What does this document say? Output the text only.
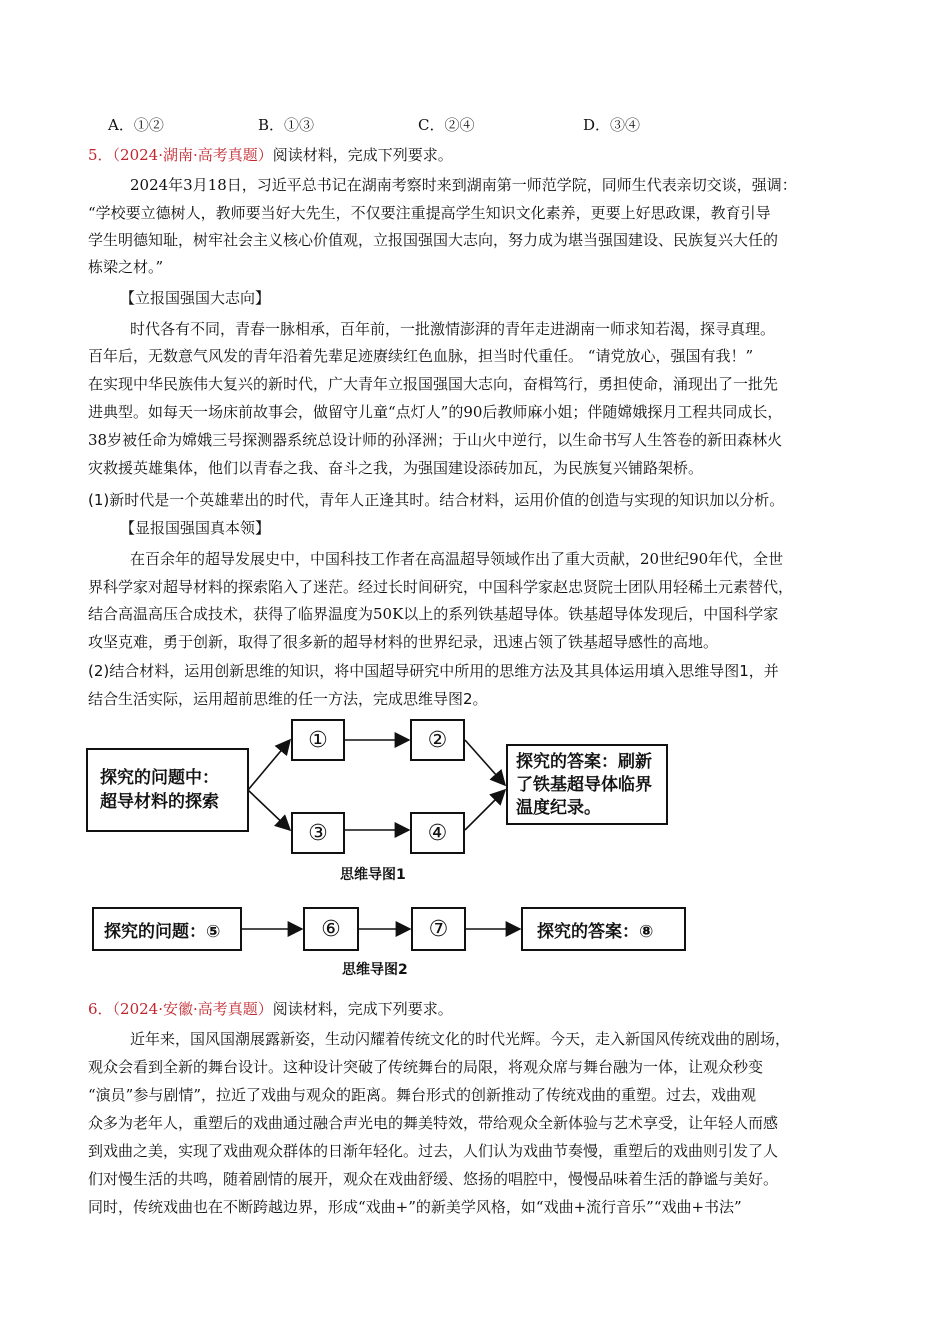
A．①②	B．①③	C．②④	D．③④
5．（2024·湖南·高考真题）阅读材料，完成下列要求。
2024年3月18日，习近平总书记在湖南考察时来到湖南第一师范学院，同师生代表亲切交谈，强调：
“学校要立德树人，教师要当好大先生，不仅要注重提高学生知识文化素养，更要上好思政课，教育引导
学生明德知耻，树牢社会主义核心价值观，立报国强国大志向，努力成为堪当强国建设、民族复兴大任的
栋梁之材。”
【立报国强国大志向】
时代各有不同，青春一脉相承，百年前，一批激情澎湃的青年走进湖南一师求知若渴，探寻真理。
百年后，无数意气风发的青年沿着先辈足迹赓续红色血脉，担当时代重任。 “请党放心，强国有我！”
在实现中华民族伟大复兴的新时代，广大青年立报国强国大志向，奋楫笃行，勇担使命，涌现出了一批先
进典型。如每天一场床前故事会，做留守儿童“点灯人”的90后教师麻小姐；伴随嫦娥探月工程共同成长，
38岁被任命为嫦娥三号探测器系统总设计师的孙泽洲；于山火中逆行，以生命书写人生答卷的新田森林火
灾救援英雄集体，他们以青春之我、奋斗之我，为强国建设添砖加瓦，为民族复兴铺路架桥。
(1)新时代是一个英雄辈出的时代，青年人正逢其时。结合材料，运用价值的创造与实现的知识加以分析。
【显报国强国真本领】
在百余年的超导发展史中，中国科技工作者在高温超导领域作出了重大贡献，20世纪90年代，全世
界科学家对超导材料的探索陷入了迷茫。经过长时间研究，中国科学家赵忠贤院士团队用轻稀土元素替代，
结合高温高压合成技术，获得了临界温度为50K以上的系列铁基超导体。铁基超导体发现后，中国科学家
攻坚克难，勇于创新，取得了很多新的超导材料的世界纪录，迅速占领了铁基超导感性的高地。
(2)结合材料，运用创新思维的知识，将中国超导研究中所用的思维方法及其具体运用填入思维导图1，并
结合生活实际，运用超前思维的任一方法，完成思维导图2。
探究的问题中：
超导材料的探索
①	②
③	④
探究的答案：刷新
了铁基超导体临界
温度纪录。
思维导图1
探究的问题：⑤	⑥	⑦	探究的答案：⑧
思维导图2
6．（2024·安徽·高考真题）阅读材料，完成下列要求。
近年来，国风国潮展露新姿，生动闪耀着传统文化的时代光辉。今天，走入新国风传统戏曲的剧场，
观众会看到全新的舞台设计。这种设计突破了传统舞台的局限，将观众席与舞台融为一体，让观众秒变
“演员”参与剧情”，拉近了戏曲与观众的距离。舞台形式的创新推动了传统戏曲的重塑。过去，戏曲观
众多为老年人，重塑后的戏曲通过融合声光电的舞美特效，带给观众全新体验与艺术享受，让年轻人而感
到戏曲之美，实现了戏曲观众群体的日渐年轻化。过去，人们认为戏曲节奏慢，重塑后的戏曲则引发了人
们对慢生活的共鸣，随着剧情的展开，观众在戏曲舒缓、悠扬的唱腔中，慢慢品味着生活的静谧与美好。
同时，传统戏曲也在不断跨越边界，形成“戏曲+”的新美学风格，如“戏曲+流行音乐”“戏曲+书法”
